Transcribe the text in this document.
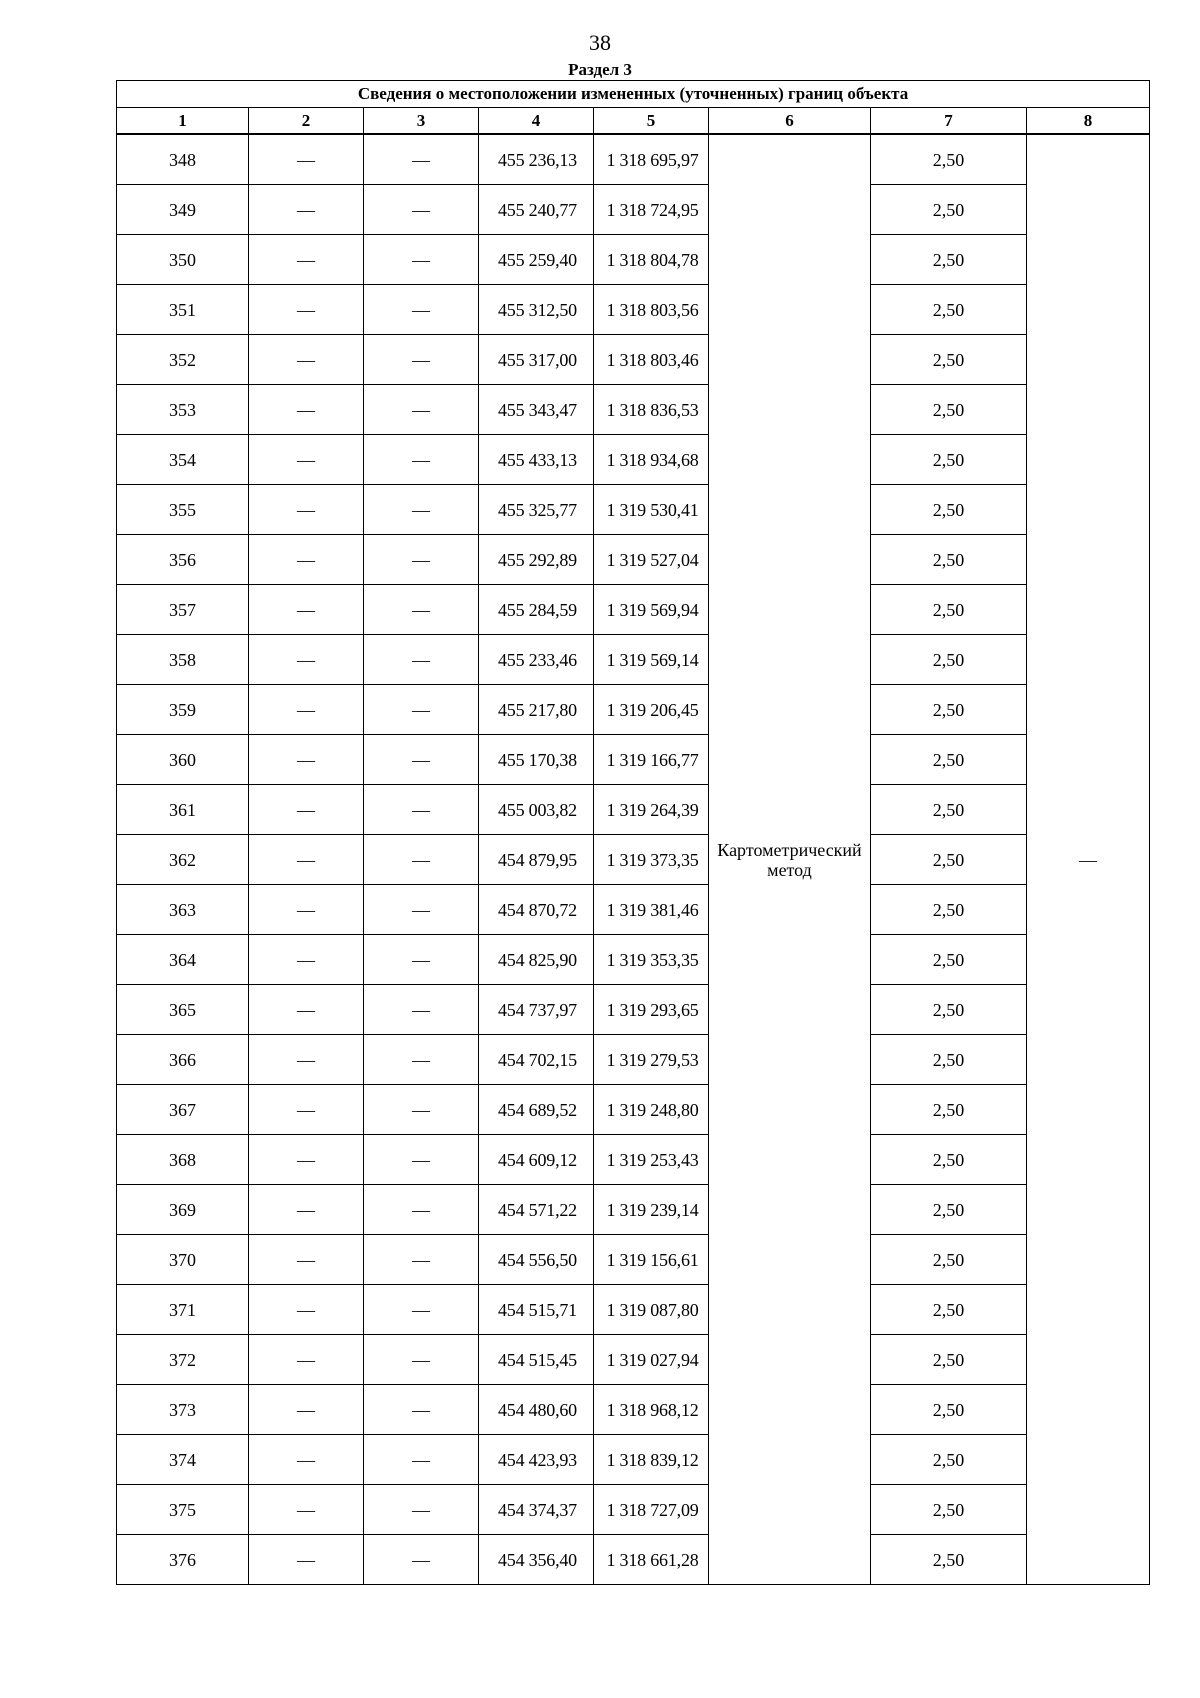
38
Раздел 3
Сведения о местоположении измененных (уточненных) границ объекта							
1	2	3	4	5	6	7	8
348	—	—	455 236,13	1 318 695,97	Картометрический метод	2,50	—
349	—	—	455 240,77	1 318 724,95		2,50	
350	—	—	455 259,40	1 318 804,78		2,50	
351	—	—	455 312,50	1 318 803,56		2,50	
352	—	—	455 317,00	1 318 803,46		2,50	
353	—	—	455 343,47	1 318 836,53		2,50	
354	—	—	455 433,13	1 318 934,68		2,50	
355	—	—	455 325,77	1 319 530,41		2,50	
356	—	—	455 292,89	1 319 527,04		2,50	
357	—	—	455 284,59	1 319 569,94		2,50	
358	—	—	455 233,46	1 319 569,14		2,50	
359	—	—	455 217,80	1 319 206,45		2,50	
360	—	—	455 170,38	1 319 166,77		2,50	
361	—	—	455 003,82	1 319 264,39		2,50	
362	—	—	454 879,95	1 319 373,35		2,50	
363	—	—	454 870,72	1 319 381,46		2,50	
364	—	—	454 825,90	1 319 353,35		2,50	
365	—	—	454 737,97	1 319 293,65		2,50	
366	—	—	454 702,15	1 319 279,53		2,50	
367	—	—	454 689,52	1 319 248,80		2,50	
368	—	—	454 609,12	1 319 253,43		2,50	
369	—	—	454 571,22	1 319 239,14		2,50	
370	—	—	454 556,50	1 319 156,61		2,50	
371	—	—	454 515,71	1 319 087,80		2,50	
372	—	—	454 515,45	1 319 027,94		2,50	
373	—	—	454 480,60	1 318 968,12		2,50	
374	—	—	454 423,93	1 318 839,12		2,50	
375	—	—	454 374,37	1 318 727,09		2,50	
376	—	—	454 356,40	1 318 661,28		2,50	
